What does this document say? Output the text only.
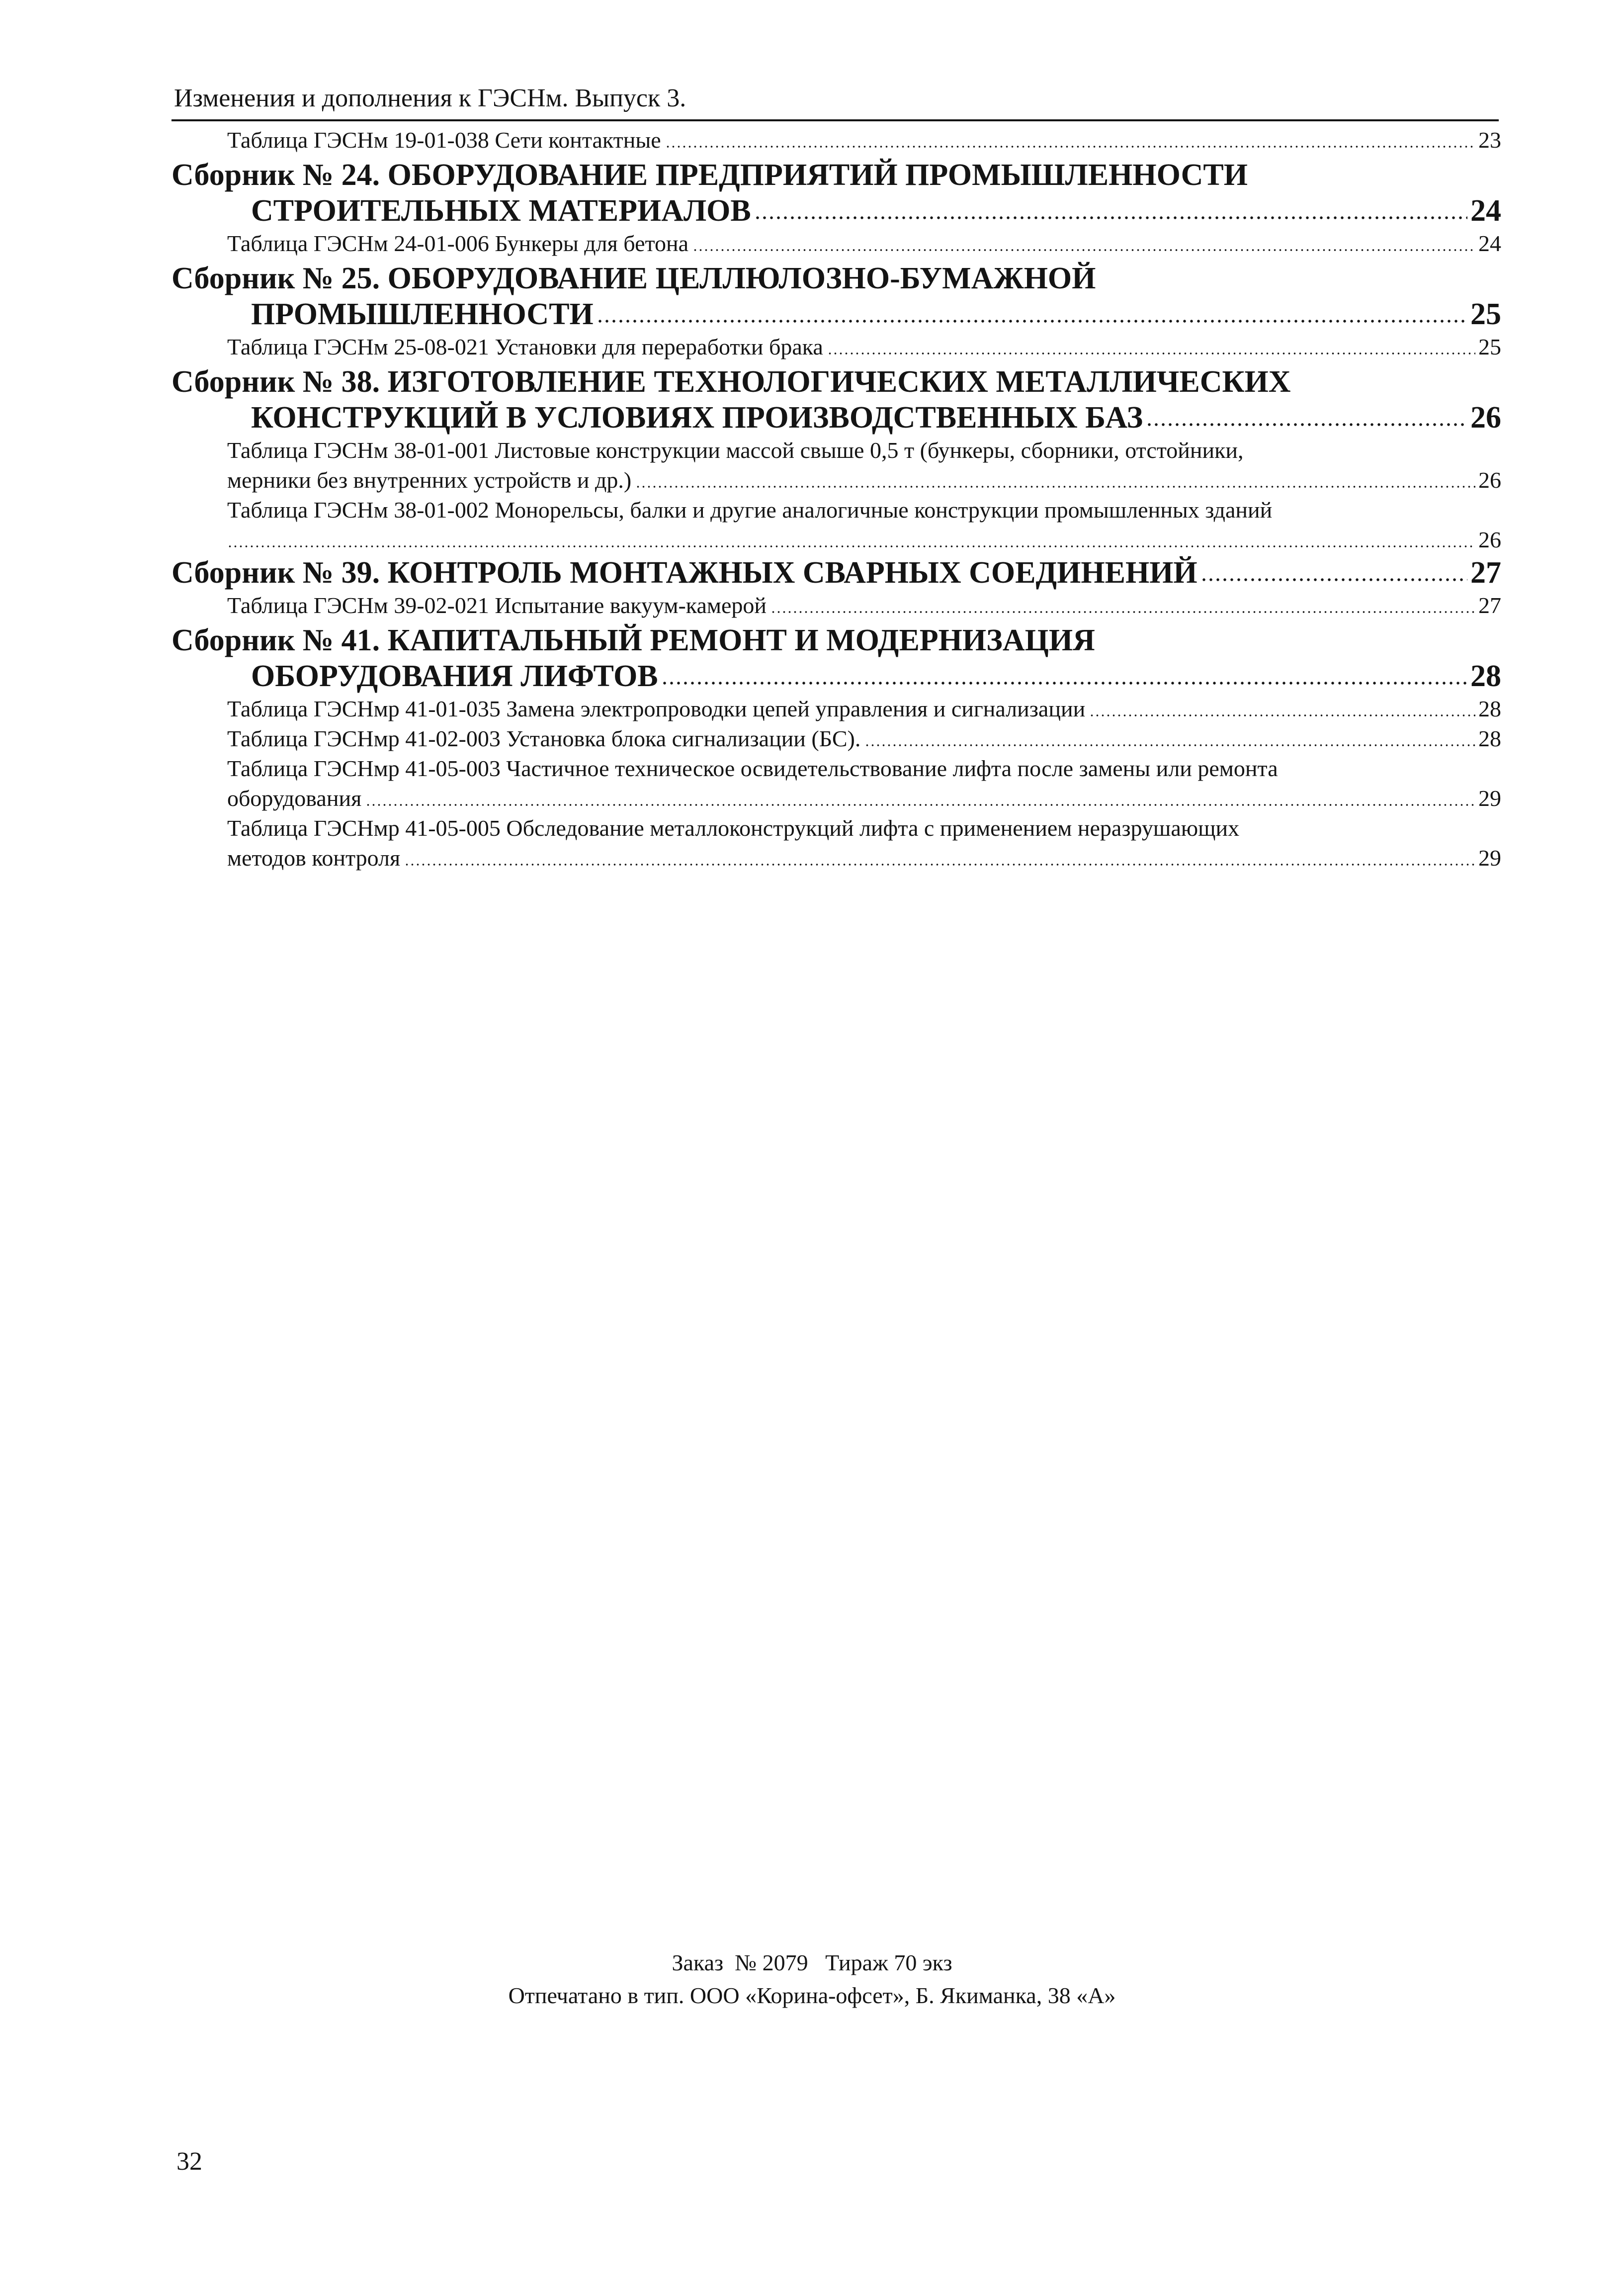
Изменения и дополнения к ГЭСНм. Выпуск 3.
Таблица ГЭСНм 19-01-038 Сети контактные	23
Сборник № 24. ОБОРУДОВАНИЕ ПРЕДПРИЯТИЙ ПРОМЫШЛЕННОСТИ
СТРОИТЕЛЬНЫХ МАТЕРИАЛОВ	24
Таблица ГЭСНм 24-01-006 Бункеры для бетона	24
Сборник № 25. ОБОРУДОВАНИЕ ЦЕЛЛЮЛОЗНО-БУМАЖНОЙ
ПРОМЫШЛЕННОСТИ	25
Таблица ГЭСНм 25-08-021 Установки для переработки брака	25
Сборник № 38. ИЗГОТОВЛЕНИЕ ТЕХНОЛОГИЧЕСКИХ МЕТАЛЛИЧЕСКИХ
КОНСТРУКЦИЙ В УСЛОВИЯХ ПРОИЗВОДСТВЕННЫХ БАЗ	26
Таблица ГЭСНм 38-01-001 Листовые конструкции массой свыше 0,5 т (бункеры, сборники, отстойники,
мерники без внутренних устройств и др.)	26
Таблица ГЭСНм 38-01-002 Монорельсы, балки и другие аналогичные конструкции промышленных зданий
26
Сборник № 39. КОНТРОЛЬ МОНТАЖНЫХ СВАРНЫХ СОЕДИНЕНИЙ	27
Таблица ГЭСНм 39-02-021 Испытание вакуум-камерой	27
Сборник № 41. КАПИТАЛЬНЫЙ РЕМОНТ И МОДЕРНИЗАЦИЯ
ОБОРУДОВАНИЯ ЛИФТОВ	28
Таблица ГЭСНмр 41-01-035 Замена электропроводки цепей управления и сигнализации	28
Таблица ГЭСНмр 41-02-003 Установка блока сигнализации (БС).	28
Таблица ГЭСНмр 41-05-003 Частичное техническое освидетельствование лифта после замены или ремонта
оборудования	29
Таблица ГЭСНмр 41-05-005 Обследование металлоконструкций лифта с применением неразрушающих
методов контроля	29
Заказ  № 2079   Тираж 70 экз
Отпечатано в тип. ООО «Корина-офсет», Б. Якиманка, 38 «А»
32
